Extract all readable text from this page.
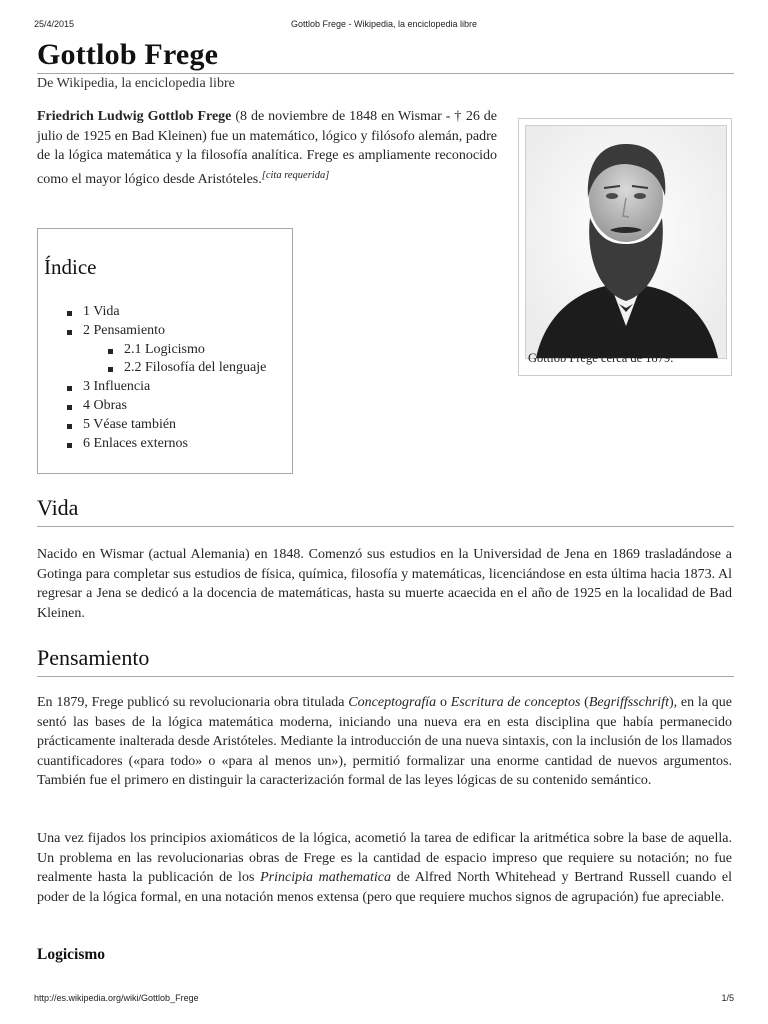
25/4/2015	Gottlob Frege - Wikipedia, la enciclopedia libre
Gottlob Frege
De Wikipedia, la enciclopedia libre

Friedrich Ludwig Gottlob Frege (8 de noviembre de 1848 en Wismar - † 26 de julio de 1925 en Bad Kleinen) fue un matemático, lógico y filósofo alemán, padre de la lógica matemática y la filosofía analítica. Frege es ampliamente reconocido como el mayor lógico desde Aristóteles.[cita requerida]

Gottlob Frege cerca de 1879.
Índice
1 Vida
2 Pensamiento
2.1 Logicismo
2.2 Filosofía del lenguaje
3 Influencia
4 Obras
5 Véase también
6 Enlaces externos
Vida

Nacido en Wismar (actual Alemania) en 1848. Comenzó sus estudios en la Universidad de Jena en 1869 trasladándose a Gotinga para completar sus estudios de física, química, filosofía y matemáticas, licenciándose en esta última hacia 1873. Al regresar a Jena se dedicó a la docencia de matemáticas, hasta su muerte acaecida en el año de 1925 en la localidad de Bad Kleinen.

Pensamiento

En 1879, Frege publicó su revolucionaria obra titulada Conceptografía o Escritura de conceptos (Begriffsschrift), en la que sentó las bases de la lógica matemática moderna, iniciando una nueva era en esta disciplina que había permanecido prácticamente inalterada desde Aristóteles. Mediante la introducción de una nueva sintaxis, con la inclusión de los llamados cuantificadores («para todo» o «para al menos un»), permitió formalizar una enorme cantidad de nuevos argumentos. También fue el primero en distinguir la caracterización formal de las leyes lógicas de su contenido semántico.

Una vez fijados los principios axiomáticos de la lógica, acometió la tarea de edificar la aritmética sobre la base de aquella. Un problema en las revolucionarias obras de Frege es la cantidad de espacio impreso que requiere su notación; no fue realmente hasta la publicación de los Principia mathematica de Alfred North Whitehead y Bertrand Russell cuando el poder de la lógica formal, en una notación menos extensa (pero que requiere muchos signos de agrupación) fue apreciable.

Logicismo
http://es.wikipedia.org/wiki/Gottlob_Frege	1/5
